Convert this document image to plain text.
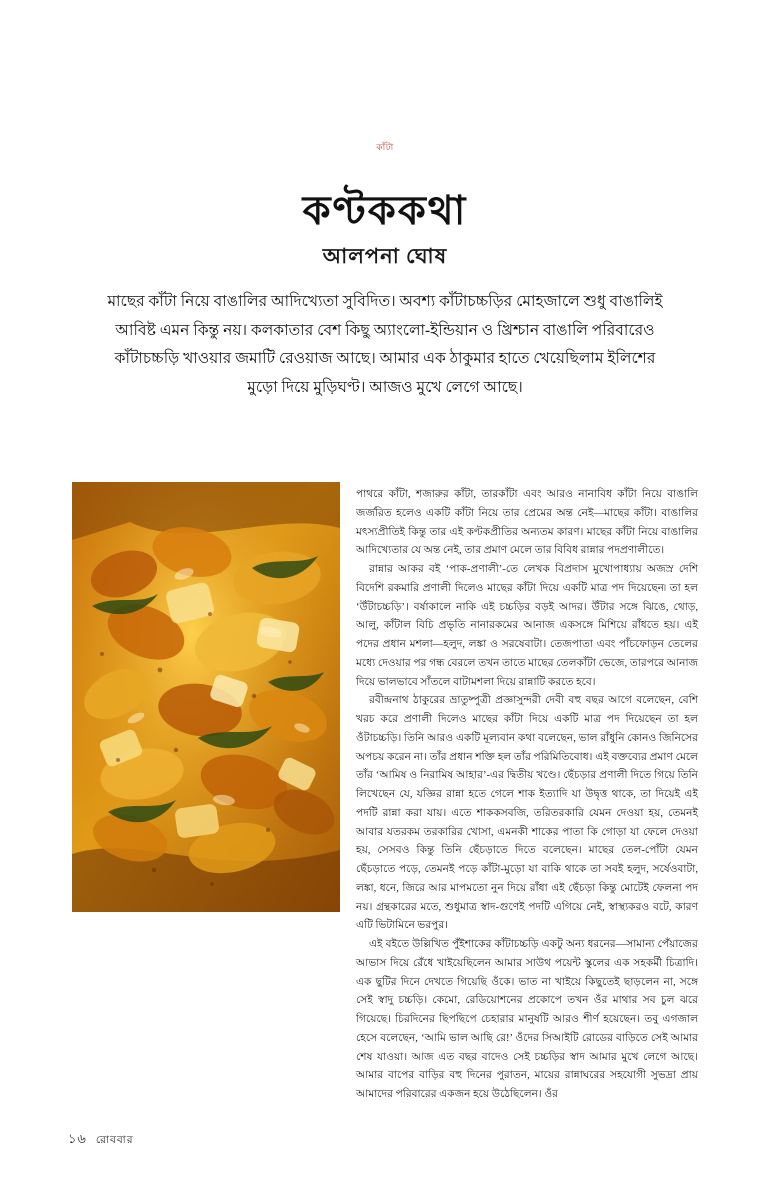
কাঁটা
কণ্টককথা
আলপনা ঘোষ
মাছের কাঁটা নিয়ে বাঙালির আদিখ্যেতা সুবিদিত। অবশ্য কাঁটাচচ্চড়ির মোহজালে শুধু বাঙালিই আবিষ্ট এমন কিন্তু নয়। কলকাতার বেশ কিছু অ্যাংলো-ইন্ডিয়ান ও খ্রিশ্চান বাঙালি পরিবারেও কাঁটাচচ্চড়ি খাওয়ার জমাটি রেওয়াজ আছে। আমার এক ঠাকুমার হাতে খেয়েছিলাম ইলিশের মুড়ো দিয়ে মুড়িঘণ্ট। আজও মুখে লেগে আছে।

পাথরে কাঁটা, শজারুর কাঁটা, তারকাঁটা এবং আরও নানাবিধ কাঁটা নিয়ে বাঙালি জর্জরিত হলেও একটি কাঁটা নিয়ে তার প্রেমের অন্ত নেই—মাছের কাঁটা। বাঙালির মৎস্যপ্রীতিই কিন্তু তার এই কণ্টকপ্রীতির অন্যতম কারণ। মাছের কাঁটা নিয়ে বাঙালির আদিখ্যেতার যে অন্ত নেই, তার প্রমাণ মেলে তার বিবিধ রান্নার পদপ্রণালীতে।

রান্নার আকর বই ‘পাক-প্রণালী’-তে লেখক বিপ্রদাস মুখোপাধ্যায় অজস্র দেশি বিদেশি রকমারি প্রণালী দিলেও মাছের কাঁটা দিয়ে একটি মাত্র পদ দিয়েছেন৷ তা হল ‘উঁটাচচ্চড়ি’। বর্ষাকালে নাকি এই চচ্চড়ির বড়ই আদর। উঁটার সঙ্গে ঝিঙে, থোড়, আলু, কাঁটাল বিচি প্রভৃতি নানারকমের আনাজ একসঙ্গে মিশিয়ে রাঁধতে হয়। এই পদের প্রধান মশলা—হলুদ, লঙ্কা ও সরষেবাটা। তেজপাতা এবং পাঁচফোড়ন তেলের মধ্যে দেওয়ার পর গন্ধ বেরলে তখন তাতে মাছের তেলকাঁটা ভেজে, তারপরে আনাজ দিয়ে ভালভাবে সাঁতলে বাটামশলা দিয়ে রান্নাটি করতে হবে।

রবীন্দ্রনাথ ঠাকুরের ভ্রাতুষ্পুত্রী প্রজ্ঞাসুন্দরী দেবী বহু বছর আগে বলেছেন, বেশি খরচ করে প্রণালী দিলেও মাছের কাঁটা দিয়ে একটি মাত্র পদ দিয়েছেন তা হল ওঁটাচচ্চড়ি। তিনি আরও একটি মূল্যবান কথা বলেছেন, ভাল রাঁধুনি কোনও জিনিসের অপচয় করেন না। তাঁর প্রধান শক্তি হল তাঁর পরিমিতিবোধ। এই বক্তব্যের প্রমাণ মেলে তাঁর ‘আমিষ ও নিরামিষ আহার’-এর দ্বিতীয় খণ্ডে। ছেঁচড়ার প্রণালী দিতে গিয়ে তিনি লিখেছেন যে, যজ্ঞির রান্না হতে গেলে শাক ইত্যাদি যা উদ্বৃত্ত থাকে, তা দিয়েই এই পদটি রান্না করা যায়। এতে শাককসবজি, তরিতরকারি যেমন দেওয়া হয়, তেমনই আবার যতরকম তরকারির খোসা, এমনকী শাকের পাতা কি গোড়া যা ফেলে দেওয়া হয়, সেসবও কিন্তু তিনি ছেঁচড়াতে দিতে বলেছেন। মাছের তেল-পোঁটা যেমন ছেঁচড়াতে পড়ে, তেমনই পড়ে কাঁটা-মুড়ো যা বাকি থাকে তা সবই হলুদ, সর্ষেওবাটা, লঙ্কা, ধনে, জিরে আর মাপমতো নুন দিয়ে রাঁধা এই ছেঁচড়া কিন্তু মোটেই ফেলনা পদ নয়। গ্রন্থকারের মতে, শুধুমাত্র স্বাদ-গুণেই পদটি এগিয়ে নেই, স্বাস্থ্যকরও বটে, কারণ এটি ভিটামিনে ভরপুর।

এই বইতে উল্লিখিত পুঁইশাকের কাঁটাচচ্চড়ি একটু অন্য ধরনের—সামান্য পেঁয়াজের আভাস দিয়ে রেঁধে খাইয়েছিলেন আমার সাউথ পয়েন্ট স্কুলের এক সহকর্মী চিত্রাদি। এক ছুটির দিনে দেখতে গিয়েছি ওঁকে। ভাত না খাইয়ে কিছুতেই ছাড়লেন না, সঙ্গে সেই স্বাদু চচ্চড়ি। কেমো, রেডিয়োশনের প্রকোপে তখন ওঁর মাথার সব চুল ঝরে গিয়েছে। চিরদিনের ছিপছিপে চেহারার মানুষটি আরও শীর্ণ হয়েছেন। তবু এগজাল হেসে বলেছেন, ‘আমি ভাল আছি রে!’ ওঁদের সিআইটি রোডের বাড়িতে সেই আমার শেষ যাওয়া। আজ এত বছর বাদেও সেই চচ্চড়ির স্বাদ আমার মুখে লেগে আছে। আমার বাপের বাড়ির বহু দিনের পুরাতন, মায়ের রান্নাঘরের সহযোগী সুভদ্রা প্রায় আমাদের পরিবারের একজন হয়ে উঠেছিলেন। ওঁর

১৬ রোববার
